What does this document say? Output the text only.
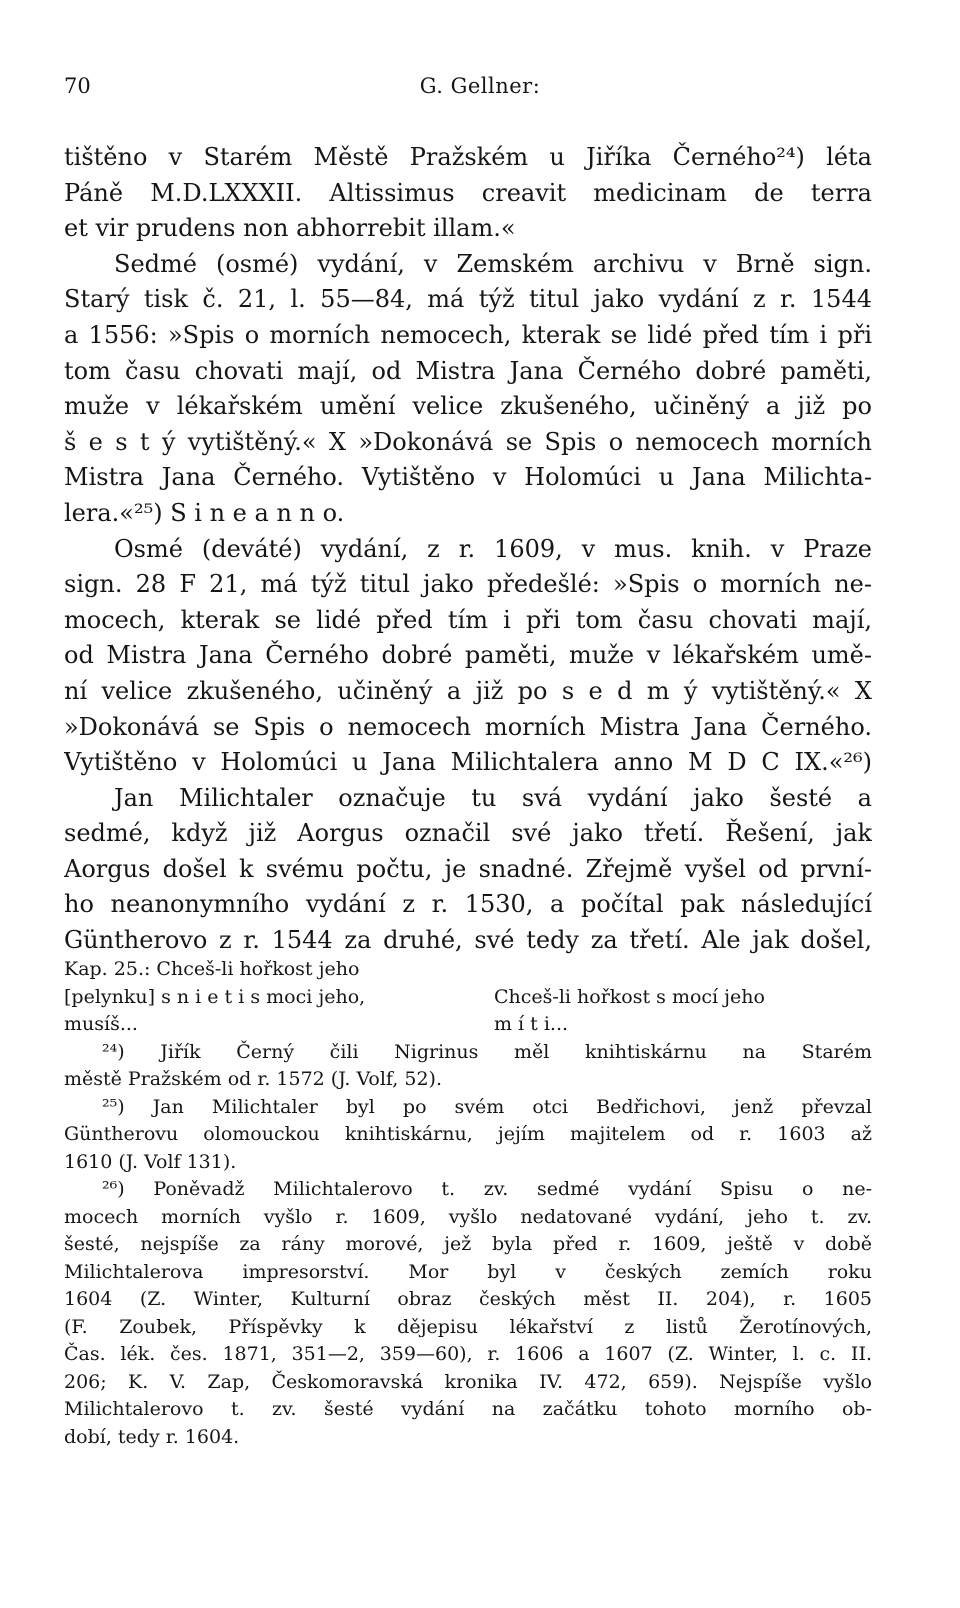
70	G. Gellner:
tištěno v Starém Městě Pražském u Jiříka Černého²⁴) léta
Páně M.D.LXXXII. Altissimus creavit medicinam de terra
et vir prudens non abhorrebit illam.«
Sedmé (osmé) vydání, v Zemském archivu v Brně sign.
Starý tisk č. 21, l. 55—84, má týž titul jako vydání z r. 1544
a 1556: »Spis o morních nemocech, kterak se lidé před tím i při
tom času chovati mají, od Mistra Jana Černého dobré paměti,
muže v lékařském umění velice zkušeného, učiněný a již po
š e s t ý vytištěný.« X »Dokonává se Spis o nemocech morních
Mistra Jana Černého. Vytištěno v Holomúci u Jana Milichta-
lera.«²⁵) S i n e a n n o.
Osmé (deváté) vydání, z r. 1609, v mus. knih. v Praze
sign. 28 F 21, má týž titul jako předešlé: »Spis o morních ne-
mocech, kterak se lidé před tím i při tom času chovati mají,
od Mistra Jana Černého dobré paměti, muže v lékařském umě-
ní velice zkušeného, učiněný a již po s e d m ý vytištěný.« X
»Dokonává se Spis o nemocech morních Mistra Jana Černého.
Vytištěno v Holomúci u Jana Milichtalera anno M D C IX.«²⁶)
Jan Milichtaler označuje tu svá vydání jako šesté a
sedmé, když již Aorgus označil své jako třetí. Řešení, jak
Aorgus došel k svému počtu, je snadné. Zřejmě vyšel od první-
ho neanonymního vydání z r. 1530, a počítal pak následující
Güntherovo z r. 1544 za druhé, své tedy za třetí. Ale jak došel,
Kap. 25.: Chceš-li hořkost jeho
[pelynku] s n i e t i s moci jeho,	Chceš-li hořkost s mocí jeho
musíš...	m í t i...
²⁴) Jiřík Černý čili Nigrinus měl knihtiskárnu na Starém
městě Pražském od r. 1572 (J. Volf, 52).
²⁵) Jan Milichtaler byl po svém otci Bedřichovi, jenž převzal
Güntherovu olomouckou knihtiskárnu, jejím majitelem od r. 1603 až
1610 (J. Volf 131).
²⁶) Poněvadž Milichtalerovo t. zv. sedmé vydání Spisu o ne-
mocech morních vyšlo r. 1609, vyšlo nedatované vydání, jeho t. zv.
šesté, nejspíše za rány morové, jež byla před r. 1609, ještě v době
Milichtalerova impresorství. Mor byl v českých zemích roku
1604 (Z. Winter, Kulturní obraz českých měst II. 204), r. 1605
(F. Zoubek, Příspěvky k dějepisu lékařství z listů Žerotínových,
Čas. lék. čes. 1871, 351—2, 359—60), r. 1606 a 1607 (Z. Winter, l. c. II.
206; K. V. Zap, Českomoravská kronika IV. 472, 659). Nejspíše vyšlo
Milichtalerovo t. zv. šesté vydání na začátku tohoto morního ob-
dobí, tedy r. 1604.
